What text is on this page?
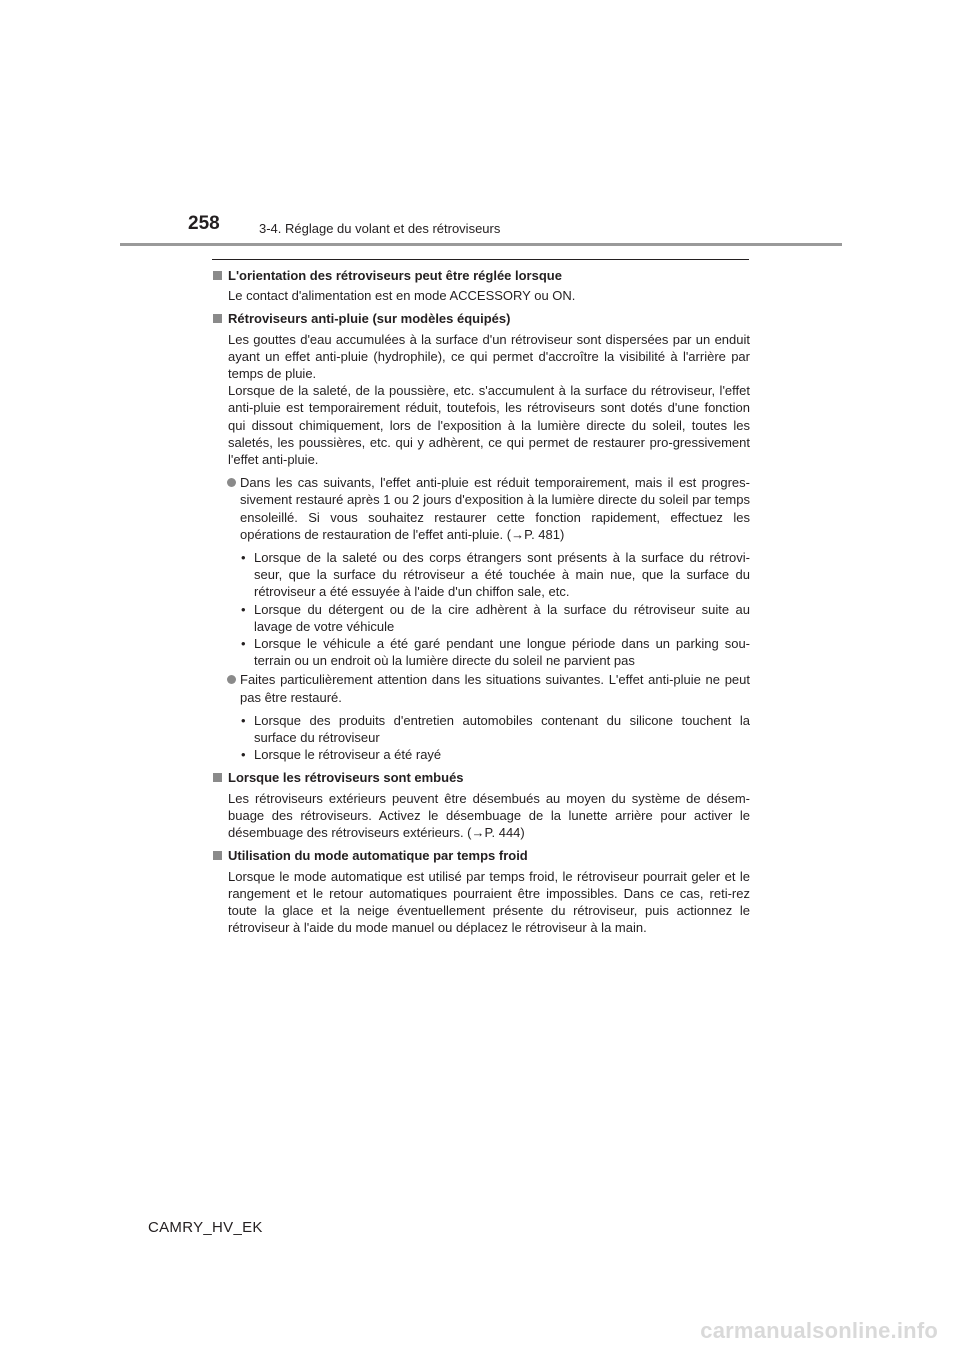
258	3-4. Réglage du volant et des rétroviseurs
L'orientation des rétroviseurs peut être réglée lorsque
Le contact d'alimentation est en mode ACCESSORY ou ON.
Rétroviseurs anti-pluie (sur modèles équipés)
Les gouttes d'eau accumulées à la surface d'un rétroviseur sont dispersées par un enduit ayant un effet anti-pluie (hydrophile), ce qui permet d'accroître la visibilité à l'arrière par temps de pluie.
Lorsque de la saleté, de la poussière, etc. s'accumulent à la surface du rétroviseur, l'effet anti-pluie est temporairement réduit, toutefois, les rétroviseurs sont dotés d'une fonction qui dissout chimiquement, lors de l'exposition à la lumière directe du soleil, toutes les saletés, les poussières, etc. qui y adhèrent, ce qui permet de restaurer pro-gressivement l'effet anti-pluie.
Dans les cas suivants, l'effet anti-pluie est réduit temporairement, mais il est progres-sivement restauré après 1 ou 2 jours d'exposition à la lumière directe du soleil par temps ensoleillé. Si vous souhaitez restaurer cette fonction rapidement, effectuez les opérations de restauration de l'effet anti-pluie. (→P. 481)
• Lorsque de la saleté ou des corps étrangers sont présents à la surface du rétrovi-seur, que la surface du rétroviseur a été touchée à main nue, que la surface du rétroviseur a été essuyée à l'aide d'un chiffon sale, etc.
• Lorsque du détergent ou de la cire adhèrent à la surface du rétroviseur suite au lavage de votre véhicule
• Lorsque le véhicule a été garé pendant une longue période dans un parking sou-terrain ou un endroit où la lumière directe du soleil ne parvient pas
Faites particulièrement attention dans les situations suivantes. L'effet anti-pluie ne peut pas être restauré.
• Lorsque des produits d'entretien automobiles contenant du silicone touchent la surface du rétroviseur
• Lorsque le rétroviseur a été rayé
Lorsque les rétroviseurs sont embués
Les rétroviseurs extérieurs peuvent être désembués au moyen du système de désem-buage des rétroviseurs. Activez le désembuage de la lunette arrière pour activer le désembuage des rétroviseurs extérieurs. (→P. 444)
Utilisation du mode automatique par temps froid
Lorsque le mode automatique est utilisé par temps froid, le rétroviseur pourrait geler et le rangement et le retour automatiques pourraient être impossibles. Dans ce cas, reti-rez toute la glace et la neige éventuellement présente du rétroviseur, puis actionnez le rétroviseur à l'aide du mode manuel ou déplacez le rétroviseur à la main.
CAMRY_HV_EK
carmanualsonline.info
